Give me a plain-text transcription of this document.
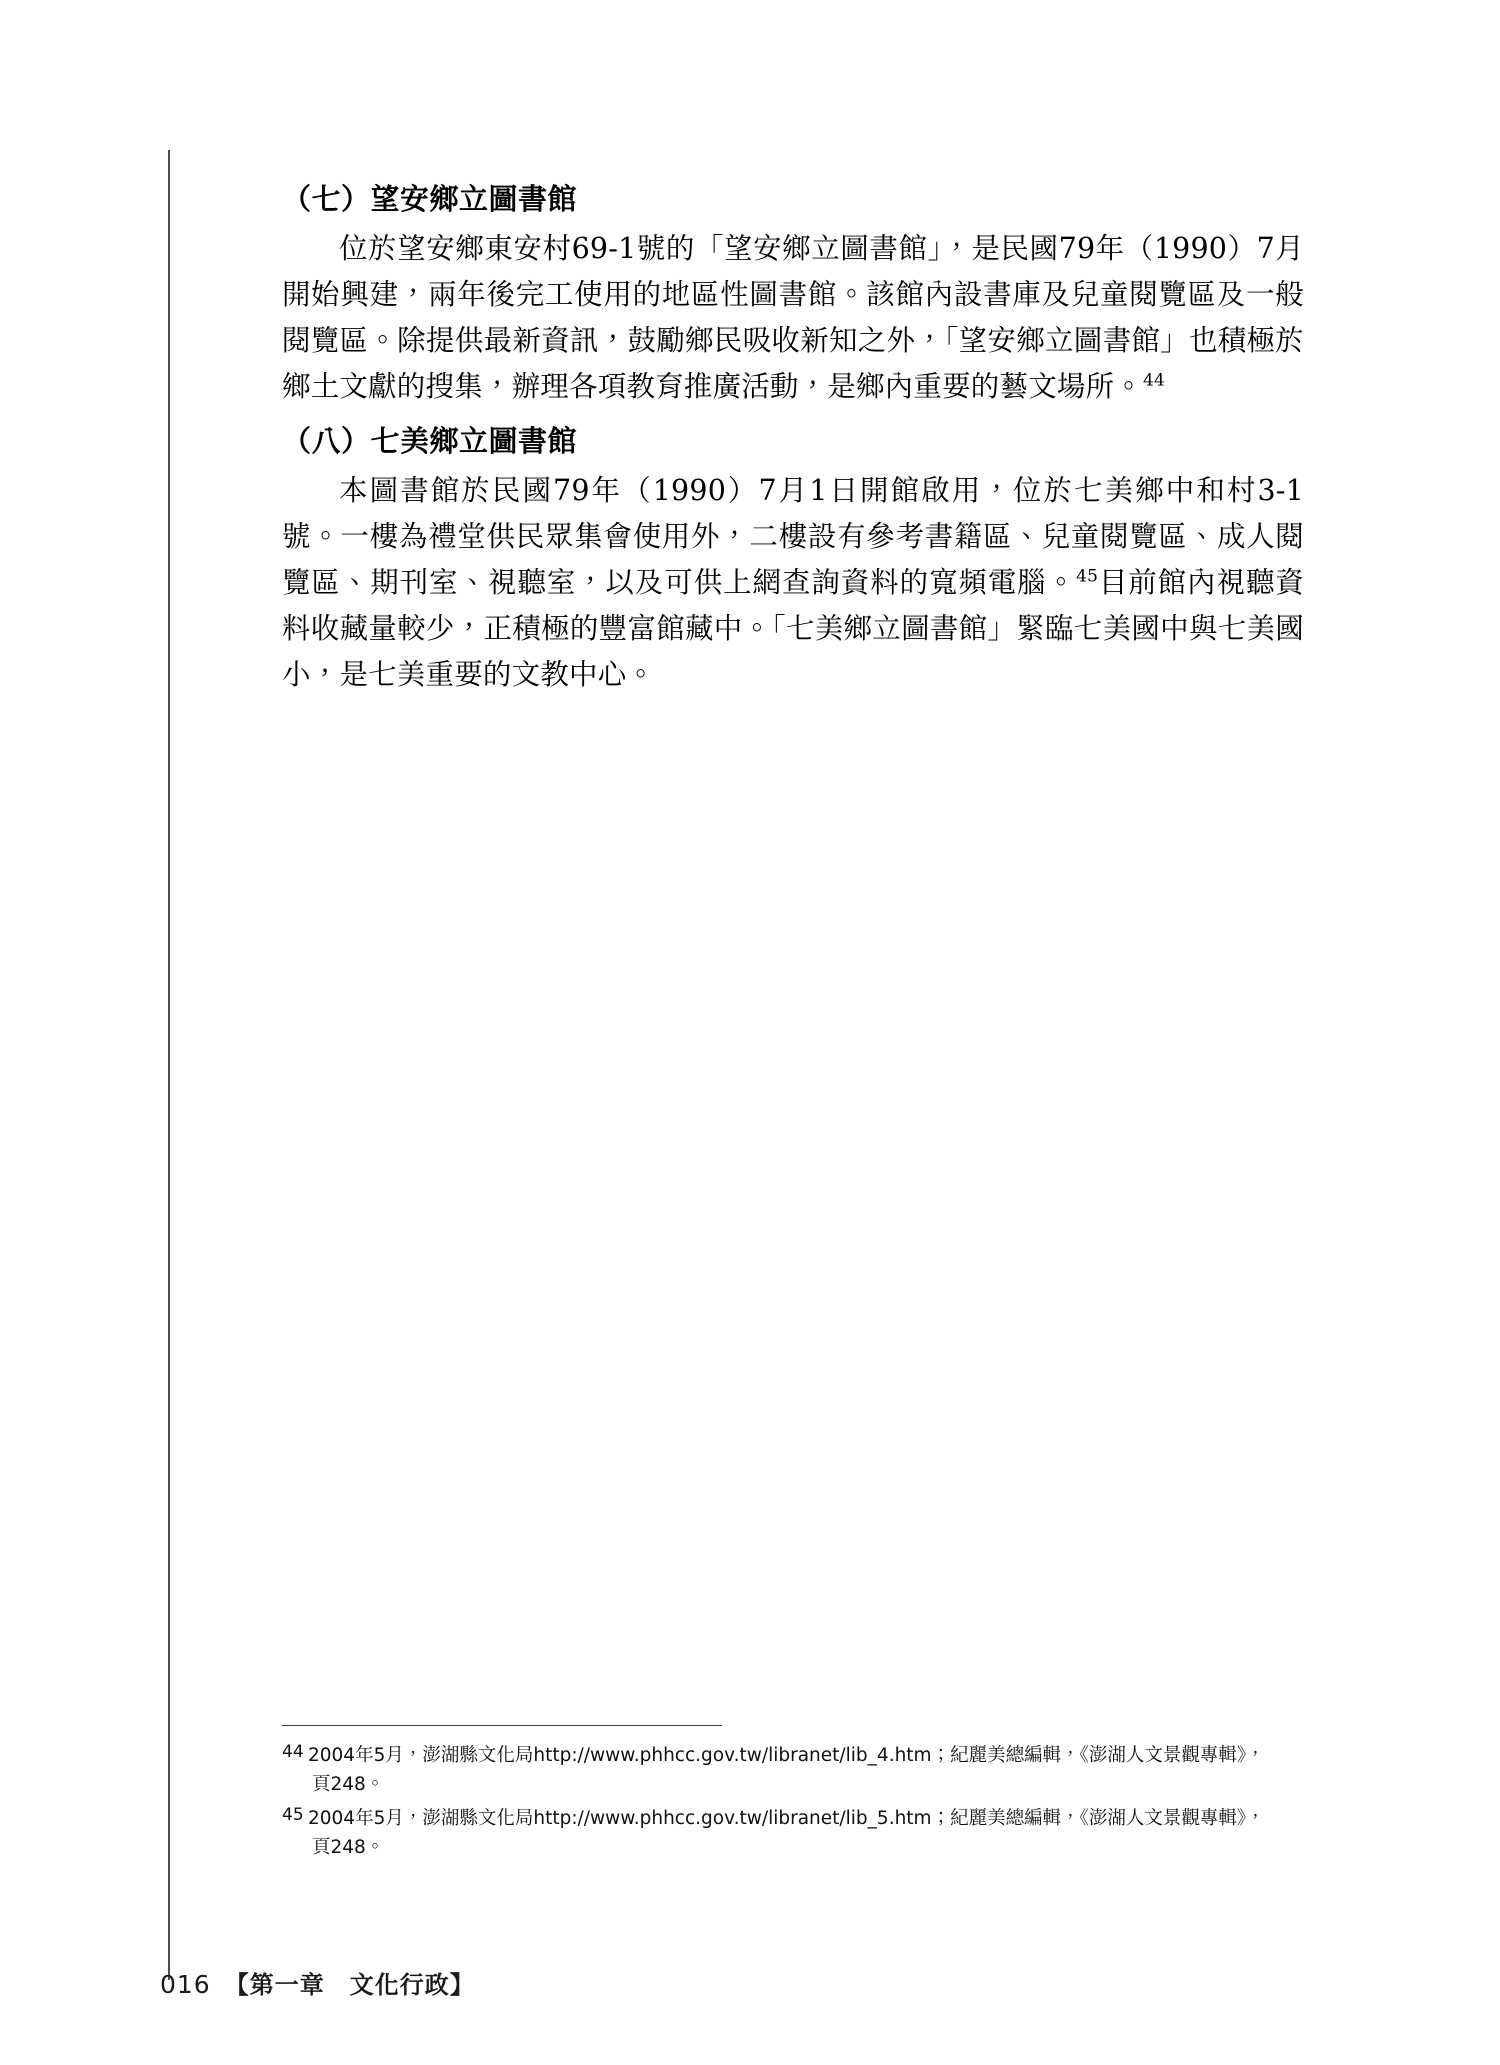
（七）望安鄉立圖書館

位於望安鄉東安村69-1號的「望安鄉立圖書館」，是民國79年（1990）7月開始興建，兩年後完工使用的地區性圖書館。該館內設書庫及兒童閱覽區及一般閱覽區。除提供最新資訊，鼓勵鄉民吸收新知之外，「望安鄉立圖書館」也積極於鄉土文獻的搜集，辦理各項教育推廣活動，是鄉內重要的藝文場所。$^{44}$

（八）七美鄉立圖書館

本圖書館於民國79年（1990）7月1日開館啟用，位於七美鄉中和村3-1號。一樓為禮堂供民眾集會使用外，二樓設有參考書籍區、兒童閱覽區、成人閱覽區、期刊室、視聽室，以及可供上網查詢資料的寬頻電腦。$^{45}$目前館內視聽資料收藏量較少，正積極的豐富館藏中。「七美鄉立圖書館」緊臨七美國中與七美國小，是七美重要的文教中心。

44 2004年5月，澎湖縣文化局http://www.phhcc.gov.tw/libranet/lib_4.htm；紀麗美總編輯，《澎湖人文景觀專輯》，
頁248。
45 2004年5月，澎湖縣文化局http://www.phhcc.gov.tw/libranet/lib_5.htm；紀麗美總編輯，《澎湖人文景觀專輯》，
頁248。
016 【第一章　文化行政】
